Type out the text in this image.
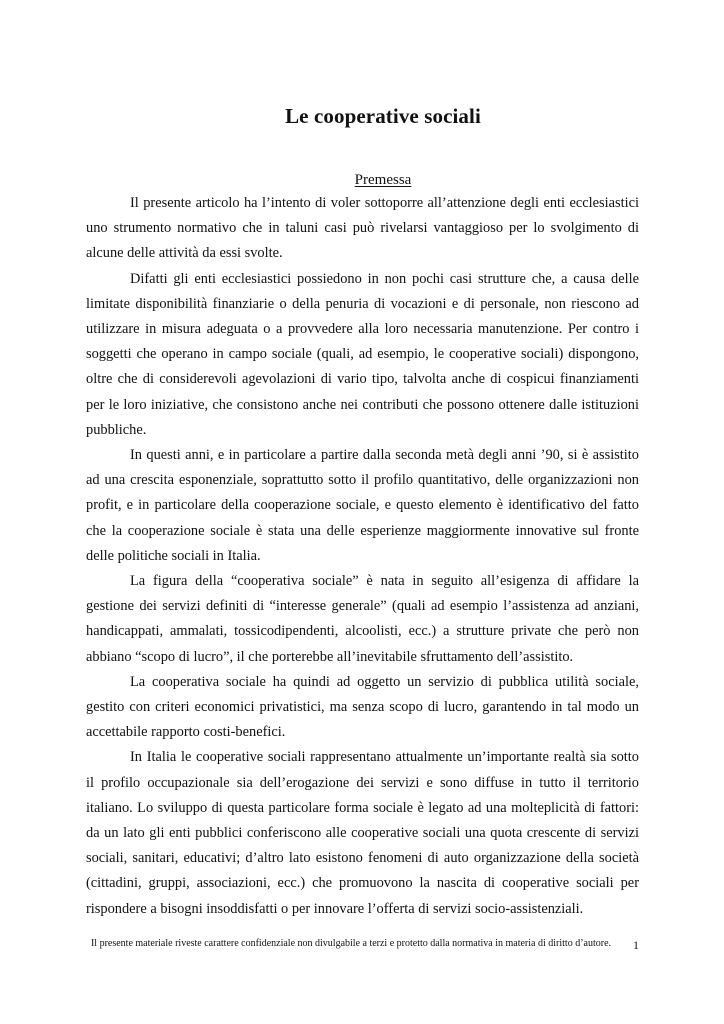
Le cooperative sociali
Premessa

Il presente articolo ha l’intento di voler sottoporre all’attenzione degli enti ecclesiastici uno strumento normativo che in taluni casi può rivelarsi vantaggioso per lo svolgimento di alcune delle attività da essi svolte.

Difatti gli enti ecclesiastici possiedono in non pochi casi strutture che, a causa delle limitate disponibilità finanziarie o della penuria di vocazioni e di personale, non riescono ad utilizzare in misura adeguata o a provvedere alla loro necessaria manutenzione. Per contro i soggetti che operano in campo sociale (quali, ad esempio, le cooperative sociali) dispongono, oltre che di considerevoli agevolazioni di vario tipo, talvolta anche di cospicui finanziamenti per le loro iniziative, che consistono anche nei contributi che possono ottenere dalle istituzioni pubbliche.

In questi anni, e in particolare a partire dalla seconda metà degli anni ’90, si è assistito ad una crescita esponenziale, soprattutto sotto il profilo quantitativo, delle organizzazioni non profit, e in particolare della cooperazione sociale, e questo elemento è identificativo del fatto che la cooperazione sociale è stata una delle esperienze maggiormente innovative sul fronte delle politiche sociali in Italia.

La figura della “cooperativa sociale” è nata in seguito all’esigenza di affidare la gestione dei servizi definiti di “interesse generale” (quali ad esempio l’assistenza ad anziani, handicappati, ammalati, tossicodipendenti, alcoolisti, ecc.) a strutture private che però non abbiano “scopo di lucro”, il che porterebbe all’inevitabile sfruttamento dell’assistito.

La cooperativa sociale ha quindi ad oggetto un servizio di pubblica utilità sociale, gestito con criteri economici privatistici, ma senza scopo di lucro, garantendo in tal modo un accettabile rapporto costi-benefici.

In Italia le cooperative sociali rappresentano attualmente un’importante realtà sia sotto il profilo occupazionale sia dell’erogazione dei servizi e sono diffuse in tutto il territorio italiano. Lo sviluppo di questa particolare forma sociale è legato ad una molteplicità di fattori: da un lato gli enti pubblici conferiscono alle cooperative sociali una quota crescente di servizi sociali, sanitari, educativi; d’altro lato esistono fenomeni di auto organizzazione della società (cittadini, gruppi, associazioni, ecc.) che promuovono la nascita di cooperative sociali per rispondere a bisogni insoddisfatti o per innovare l’offerta di servizi socio-assistenziali.

Il presente materiale riveste carattere confidenziale non divulgabile a terzi e protetto dalla normativa in materia di diritto d’autore.	1
